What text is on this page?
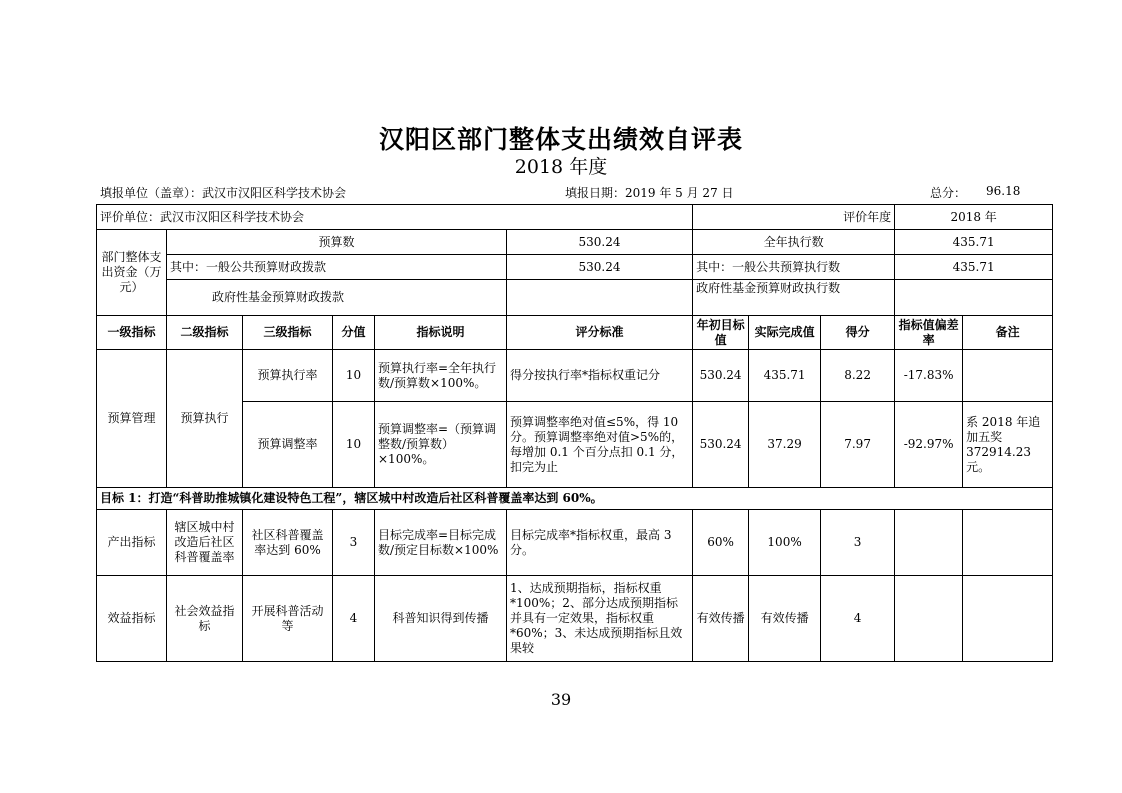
汉阳区部门整体支出绩效自评表
2018 年度
填报单位（盖章）：武汉市汉阳区科学技术协会	填报日期：2019 年 5 月 27 日	总分： 96.18
评价单位：武汉市汉阳区科学技术协会						评价年度			2018 年	
部门整体支出资金（万元）	预算数				530.24	全年执行数			435.71	
	其中：一般公共预算财政拨款				530.24	其中：一般公共预算执行数			435.71	
	政府性基金预算财政拨款					政府性基金预算财政执行数				
一级指标	二级指标	三级指标	分值	指标说明	评分标准	年初目标值	实际完成值	得分	指标值偏差率	备注
预算管理	预算执行	预算执行率	10	预算执行率=全年执行数/预算数×100%。	得分按执行率*指标权重记分	530.24	435.71	8.22	-17.83%	
		预算调整率	10	预算调整率=（预算调整数/预算数）×100%。	预算调整率绝对值≤5%，得 10 分。预算调整率绝对值>5%的，每增加 0.1 个百分点扣 0.1 分，扣完为止	530.24	37.29	7.97	-92.97%	系 2018 年追加五奖372914.23 元。
目标 1：打造“科普助推城镇化建设特色工程”，辖区城中村改造后社区科普覆盖率达到 60%。										
产出指标	辖区城中村改造后社区科普覆盖率	社区科普覆盖率达到 60%	3	目标完成率=目标完成数/预定目标数×100%	目标完成率*指标权重，最高 3 分。	60%	100%	3		
效益指标	社会效益指标	开展科普活动等	4	科普知识得到传播	1、达成预期指标，指标权重*100%；2、部分达成预期指标并具有一定效果，指标权重*60%；3、未达成预期指标且效果较	有效传播	有效传播	4		
39
